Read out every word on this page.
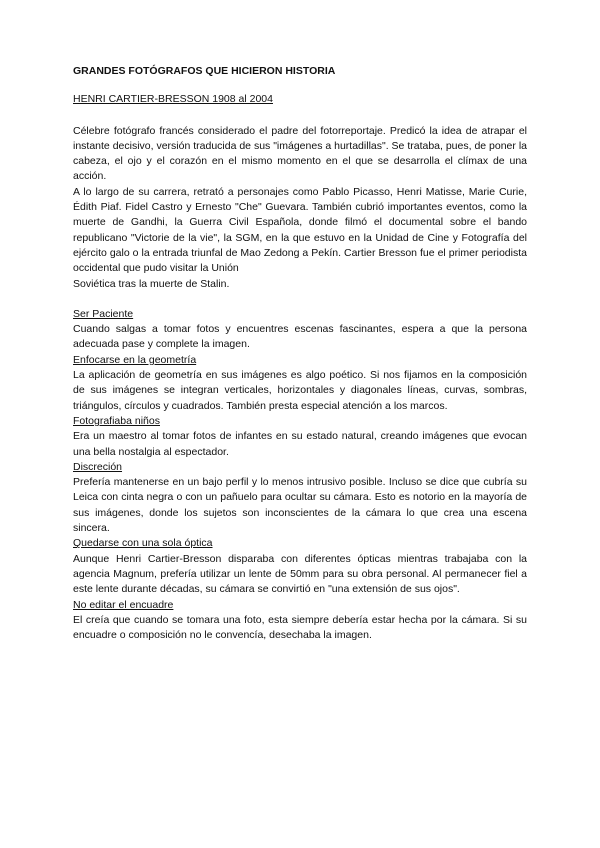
GRANDES FOTÓGRAFOS QUE HICIERON HISTORIA

HENRI CARTIER-BRESSON 1908 al 2004

Célebre fotógrafo francés considerado el padre del fotorreportaje. Predicó la idea de atrapar el instante decisivo, versión traducida de sus "imágenes a hurtadillas". Se trataba, pues, de poner la cabeza, el ojo y el corazón en el mismo momento en el que se desarrolla el clímax de una acción.

A lo largo de su carrera, retrató a personajes como Pablo Picasso, Henri Matisse, Marie Curie, Édith Piaf. Fidel Castro y Ernesto "Che" Guevara. También cubrió importantes eventos, como la muerte de Gandhi, la Guerra Civil Española, donde filmó el documental sobre el bando republicano "Victorie de la vie", la SGM, en la que estuvo en la Unidad de Cine y Fotografía del ejército galo o la entrada triunfal de Mao Zedong a Pekín. Cartier Bresson fue el primer periodista occidental que pudo visitar la Unión

Soviética tras la muerte de Stalin.

Ser Paciente

Cuando salgas a tomar fotos y encuentres escenas fascinantes, espera a que la persona adecuada pase y complete la imagen.

Enfocarse en la geometría

La aplicación de geometría en sus imágenes es algo poético. Si nos fijamos en la composición de sus imágenes se integran verticales, horizontales y diagonales líneas, curvas, sombras, triángulos, círculos y cuadrados. También presta especial atención a los marcos.

Fotografiaba niños

Era un maestro al tomar fotos de infantes en su estado natural, creando imágenes que evocan una bella nostalgia al espectador.

Discreción

Prefería mantenerse en un bajo perfil y lo menos intrusivo posible. Incluso se dice que cubría su Leica con cinta negra o con un pañuelo para ocultar su cámara. Esto es notorio en la mayoría de sus imágenes, donde los sujetos son inconscientes de la cámara lo que crea una escena sincera.

Quedarse con una sola óptica

Aunque Henri Cartier-Bresson disparaba con diferentes ópticas mientras trabajaba con la agencia Magnum, prefería utilizar un lente de 50mm para su obra personal. Al permanecer fiel a este lente durante décadas, su cámara se convirtió en "una extensión de sus ojos".

No editar el encuadre

El creía que cuando se tomara una foto, esta siempre debería estar hecha por la cámara. Si su encuadre o composición no le convencía, desechaba la imagen.
